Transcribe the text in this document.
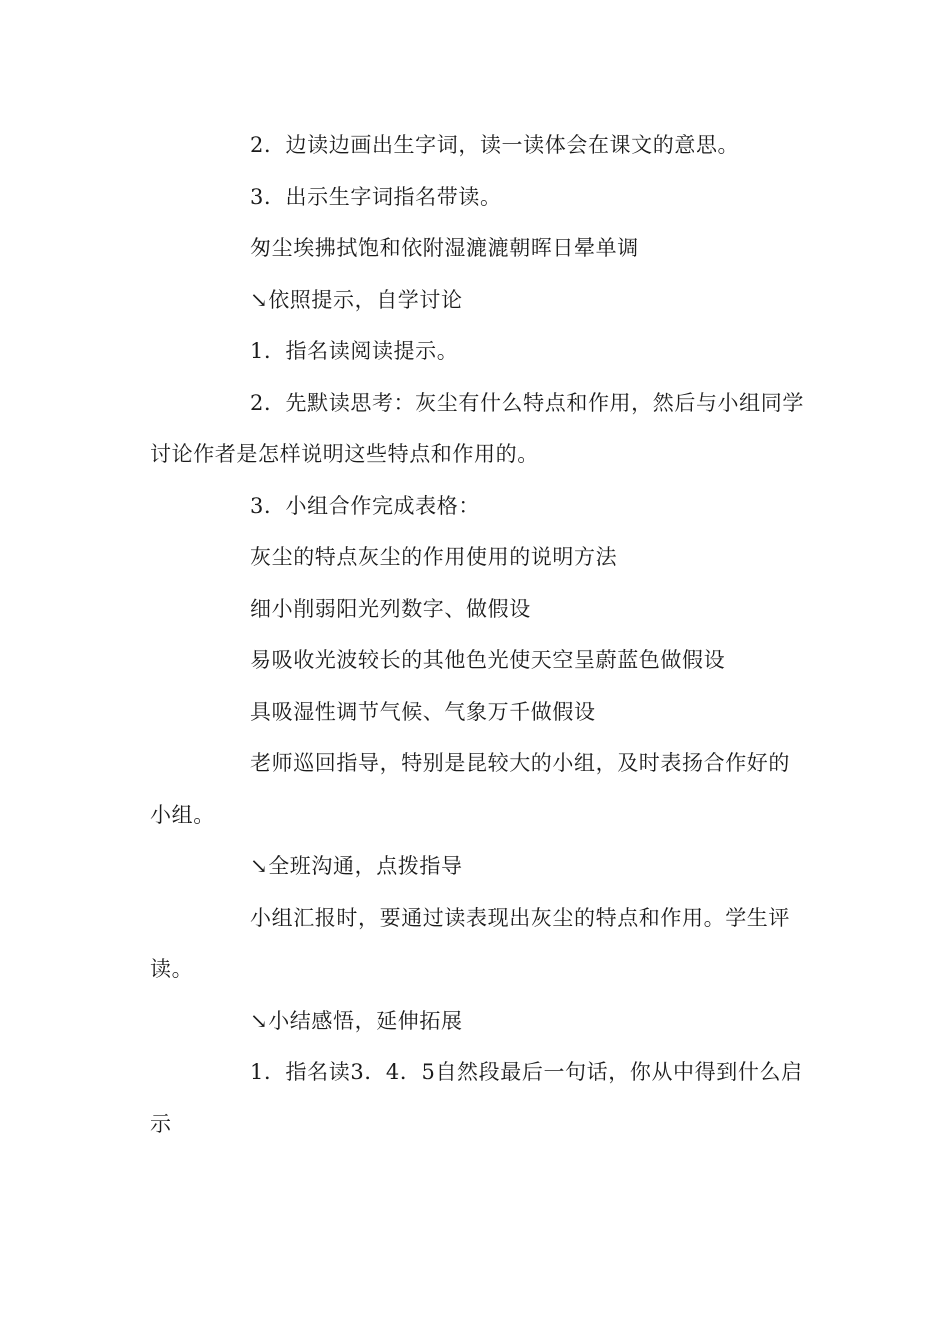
2．边读边画出生字词，读一读体会在课文的意思。

3．出示生字词指名带读。

匆尘埃拂拭饱和依附湿漉漉朝晖日晕单调

↘依照提示，自学讨论

1．指名读阅读提示。

2．先默读思考：灰尘有什么特点和作用，然后与小组同学讨论作者是怎样说明这些特点和作用的。

3．小组合作完成表格：

灰尘的特点灰尘的作用使用的说明方法

细小削弱阳光列数字、做假设

易吸收光波较长的其他色光使天空呈蔚蓝色做假设

具吸湿性调节气候、气象万千做假设

老师巡回指导，特别是昆较大的小组，及时表扬合作好的小组。

↘全班沟通，点拨指导

小组汇报时，要通过读表现出灰尘的特点和作用。学生评读。

↘小结感悟，延伸拓展

1．指名读3．4．5自然段最后一句话，你从中得到什么启示
